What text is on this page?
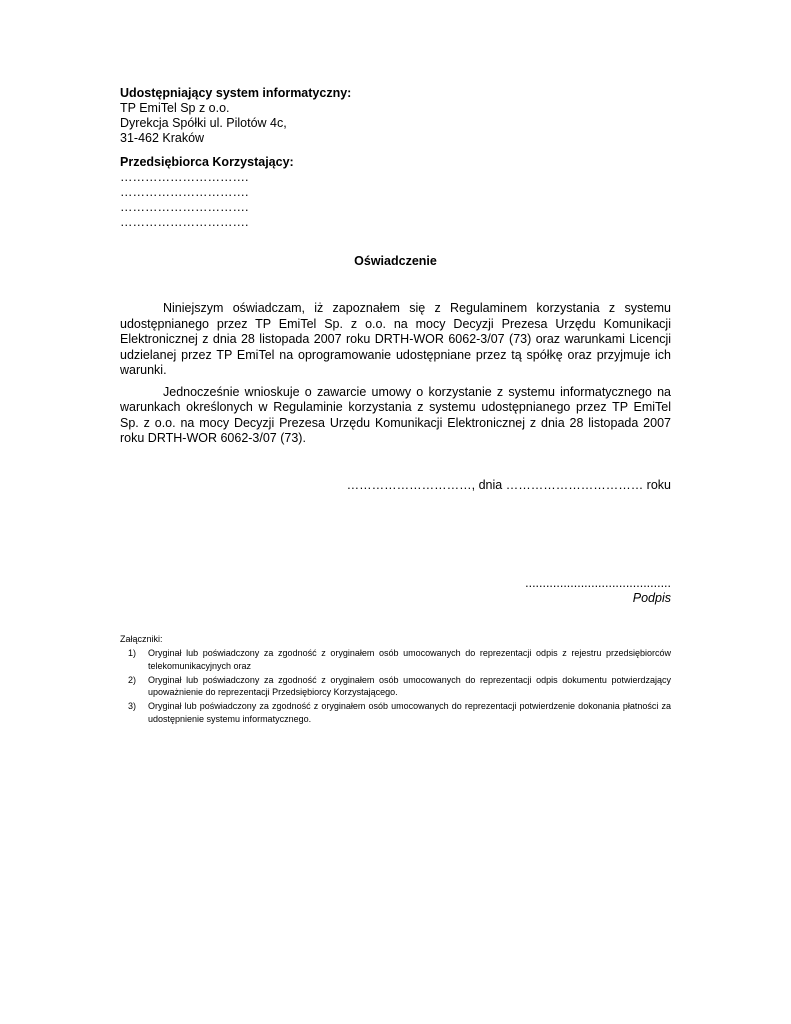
Udostępniający system informatyczny:
TP EmiTel Sp z o.o.
Dyrekcja Spółki ul. Pilotów 4c,
31-462 Kraków
Przedsiębiorca Korzystający:
………………………….
………………………….
………………………….
………………………….
Oświadczenie

Niniejszym oświadczam, iż zapoznałem się z Regulaminem korzystania z systemu udostępnianego przez TP EmiTel Sp. z o.o. na mocy Decyzji Prezesa Urzędu Komunikacji Elektronicznej z dnia 28 listopada 2007 roku DRTH-WOR 6062-3/07 (73) oraz warunkami Licencji udzielanej przez TP EmiTel na oprogramowanie udostępniane przez tą spółkę oraz przyjmuje ich warunki.

Jednocześnie wnioskuje o zawarcie umowy o korzystanie z systemu informatycznego na warunkach określonych w Regulaminie korzystania z systemu udostępnianego przez TP EmiTel Sp. z o.o. na mocy Decyzji Prezesa Urzędu Komunikacji Elektronicznej z dnia 28 listopada 2007 roku DRTH-WOR 6062-3/07 (73).

…………………………, dnia …………………………… roku
..........................................
Podpis
Załączniki:
1) Oryginał lub poświadczony za zgodność z oryginałem osób umocowanych do reprezentacji odpis z rejestru przedsiębiorców telekomunikacyjnych oraz
2) Oryginał lub poświadczony za zgodność z oryginałem osób umocowanych do reprezentacji odpis dokumentu potwierdzający upoważnienie do reprezentacji Przedsiębiorcy Korzystającego.
3) Oryginał lub poświadczony za zgodność z oryginałem osób umocowanych do reprezentacji potwierdzenie dokonania płatności za udostępnienie systemu informatycznego.
